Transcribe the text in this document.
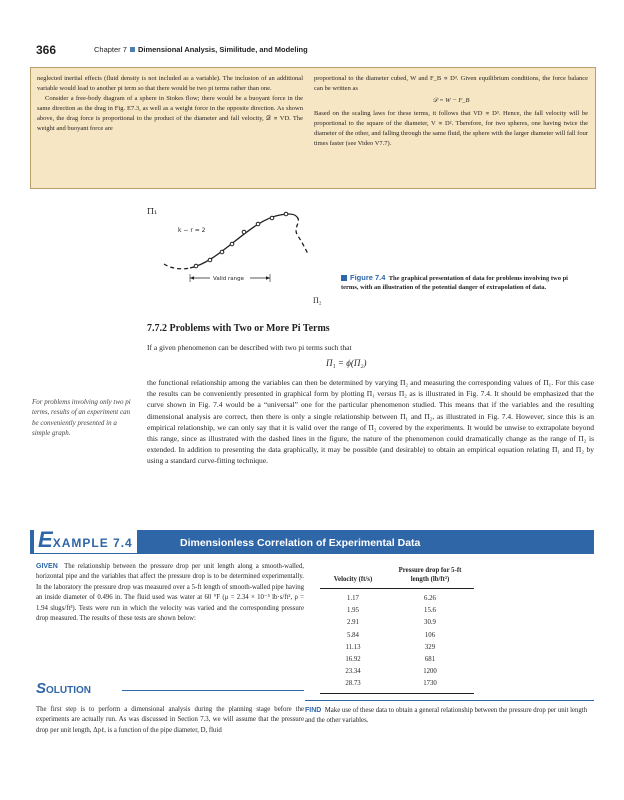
366	Chapter 7 Dimensional Analysis, Similitude, and Modeling

neglected inertial effects (fluid density is not included as a variable). The inclusion of an additional variable would lead to another pi term so that there would be two pi terms rather than one.

Consider a free-body diagram of a sphere in Stokes flow; there would be a buoyant force in the same direction as the drag in Fig. E7.3, as well as a weight force in the opposite direction. As shown above, the drag force is proportional to the product of the diameter and fall velocity, 𝒟 ∝ VD. The weight and buoyant force are

proportional to the diameter cubed, W and F_B ∝ D³. Given equilibrium conditions, the force balance can be written as

𝒟 = W − F_B

Based on the scaling laws for these terms, it follows that VD ∝ D³. Hence, the fall velocity will be proportional to the square of the diameter, V ∝ D². Therefore, for two spheres, one having twice the diameter of the other, and falling through the same fluid, the sphere with the larger diameter will fall four times faster (see Video V7.7).

Π₁
k − r = 2
Valid range
Π₂
Figure 7.4 The graphical presentation of data for problems involving two pi terms, with an illustration of the potential danger of extrapolation of data.
7.7.2 Problems with Two or More Pi Terms
If a given phenomenon can be described with two pi terms such that
Π₁ = ϕ(Π₂)

the functional relationship among the variables can then be determined by varying Π₂ and measuring the corresponding values of Π₁. For this case the results can be conveniently presented in graphical form by plotting Π₁ versus Π₂ as is illustrated in Fig. 7.4. It should be emphasized that the curve shown in Fig. 7.4 would be a “universal” one for the particular phenomenon studied. This means that if the variables and the resulting dimensional analysis are correct, then there is only a single relationship between Π₁ and Π₂, as illustrated in Fig. 7.4. However, since this is an empirical relationship, we can only say that it is valid over the range of Π₂ covered by the experiments. It would be unwise to extrapolate beyond this range, since as illustrated with the dashed lines in the figure, the nature of the phenomenon could dramatically change as the range of Π₂ is extended. In addition to presenting the data graphically, it may be possible (and desirable) to obtain an empirical equation relating Π₁ and Π₂ by using a standard curve-fitting technique.

For problems involving only two pi terms, results of an experiment can be conveniently presented in a simple graph.
EXAMPLE 7.4	Dimensionless Correlation of Experimental Data
GIVEN The relationship between the pressure drop per unit length along a smooth-walled, horizontal pipe and the variables that affect the pressure drop is to be determined experimentally. In the laboratory the pressure drop was measured over a 5-ft length of smooth-walled pipe having an inside diameter of 0.496 in. The fluid used was water at 60 °F (μ = 2.34 × 10⁻⁵ lb·s/ft², ρ = 1.94 slugs/ft³). Tests were run in which the velocity was varied and the corresponding pressure drop measured. The results of these tests are shown below:
Velocity (ft/s)	Pressure drop for 5-ft length (lb/ft²)
1.17	6.26
1.95	15.6
2.91	30.9
5.84	106
11.13	329
16.92	681
23.34	1200
28.73	1730
SOLUTION
The first step is to perform a dimensional analysis during the planning stage before the experiments are actually run. As was discussed in Section 7.3, we will assume that the pressure drop per unit length, Δpℓ, is a function of the pipe diameter, D, fluid
FIND Make use of these data to obtain a general relationship between the pressure drop per unit length and the other variables.
